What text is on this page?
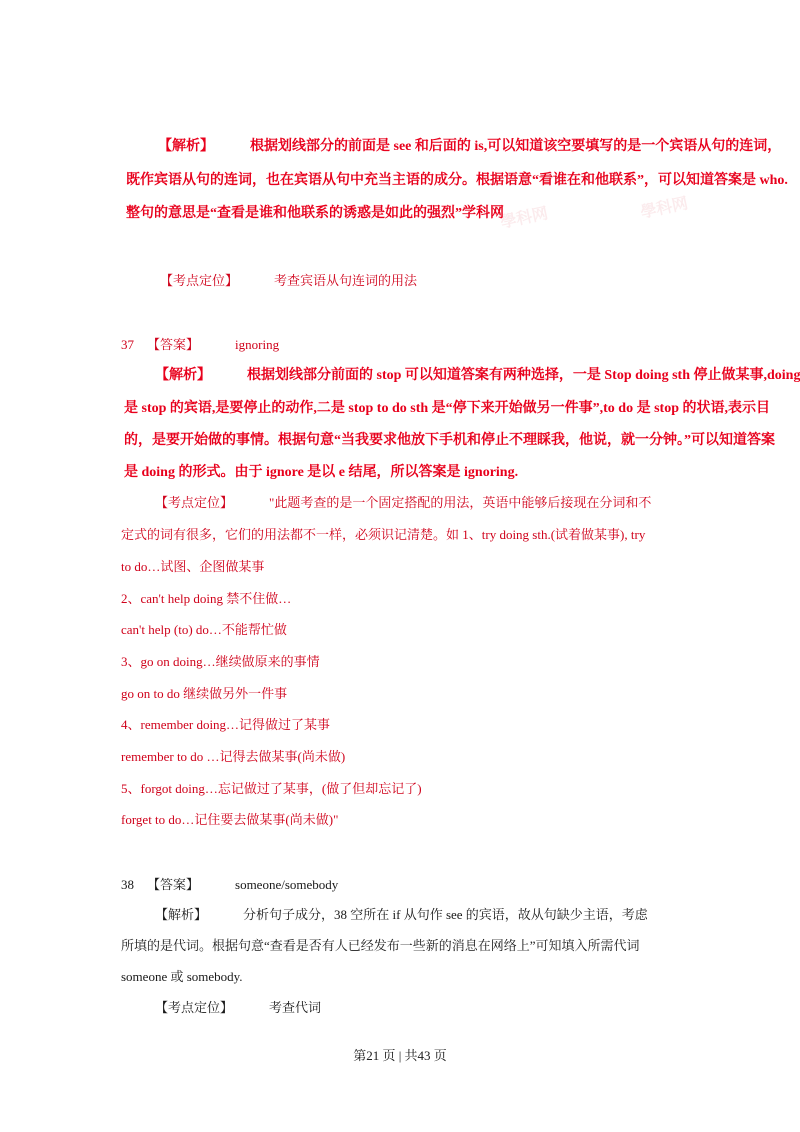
學科网	學科网
【解析】	根据划线部分的前面是 see 和后面的 is,可以知道该空要填写的是一个宾语从句的连词，
既作宾语从句的连词，也在宾语从句中充当主语的成分。根据语意“看谁在和他联系”，可以知道答案是 who.
整句的意思是“查看是谁和他联系的诱惑是如此的强烈”学科网
【考点定位】	考查宾语从句连词的用法
37 【答案】	ignoring
【解析】	根据划线部分前面的 stop 可以知道答案有两种选择，一是 Stop doing sth 停止做某事,doing
是 stop 的宾语,是要停止的动作,二是 stop to do sth 是“停下来开始做另一件事”,to do 是 stop 的状语,表示目
的，是要开始做的事情。根据句意“当我要求他放下手机和停止不理睬我，他说，就一分钟。”可以知道答案
是 doing 的形式。由于 ignore 是以 e 结尾，所以答案是 ignoring.
【考点定位】	"此题考查的是一个固定搭配的用法，英语中能够后接现在分词和不
定式的词有很多，它们的用法都不一样，必须识记清楚。如 1、try doing sth.(试着做某事), try
to do…试图、企图做某事
2、can't help doing 禁不住做…
can't help (to) do…不能帮忙做
3、go on doing…继续做原来的事情
go on to do 继续做另外一件事
4、remember doing…记得做过了某事
remember to do …记得去做某事(尚未做)
5、forgot doing…忘记做过了某事，(做了但却忘记了)
forget to do…记住要去做某事(尚未做)"
38 【答案】	someone/somebody
【解析】	分析句子成分，38 空所在 if 从句作 see 的宾语，故从句缺少主语，考虑
所填的是代词。根据句意“查看是否有人已经发布一些新的消息在网络上”可知填入所需代词
someone 或 somebody.
【考点定位】	考查代词
第21 页 | 共43 页
